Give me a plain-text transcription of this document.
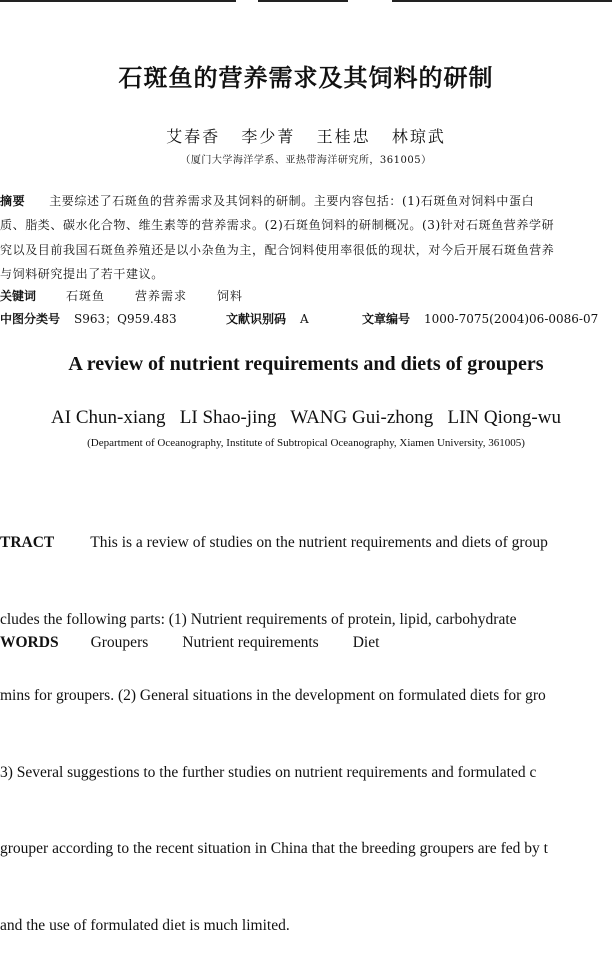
石斑鱼的营养需求及其饲料的研制
艾春香   李少菁   王桂忠   林琼武
（厦门大学海洋学系、亚热带海洋研究所，361005）
摘要 主要综述了石斑鱼的营养需求及其饲料的研制。主要内容包括：(1)石斑鱼对饲料中蛋白
质、脂类、碳水化合物、维生素等的营养需求。(2)石斑鱼饲料的研制概况。(3)针对石斑鱼营养学研
究以及目前我国石斑鱼养殖还是以小杂鱼为主，配合饲料使用率很低的现状，对今后开展石斑鱼营养
与饲料研究提出了若干建议。
关键词	石斑鱼	营养需求	饲料
中图分类号 S963；Q959.483	文献识别码 A	文章编号 1000-7075(2004)06-0086-07
A review of nutrient requirements and diets of groupers
AI Chun-xiang   LI Shao-jing   WANG Gui-zhong   LIN Qiong-wu
(Department of Oceanography, Institute of Subtropical Oceanography, Xiamen University, 361005)

TRACT This is a review of studies on the nutrient requirements and diets of group

cludes the following parts: (1) Nutrient requirements of protein, lipid, carbohydrate

mins for groupers. (2) General situations in the development on formulated diets for gro

3) Several suggestions to the further studies on nutrient requirements and formulated c

grouper according to the recent situation in China that the breeding groupers are fed by t

and the use of formulated diet is much limited.

WORDS Groupers Nutrient requirements Diet
